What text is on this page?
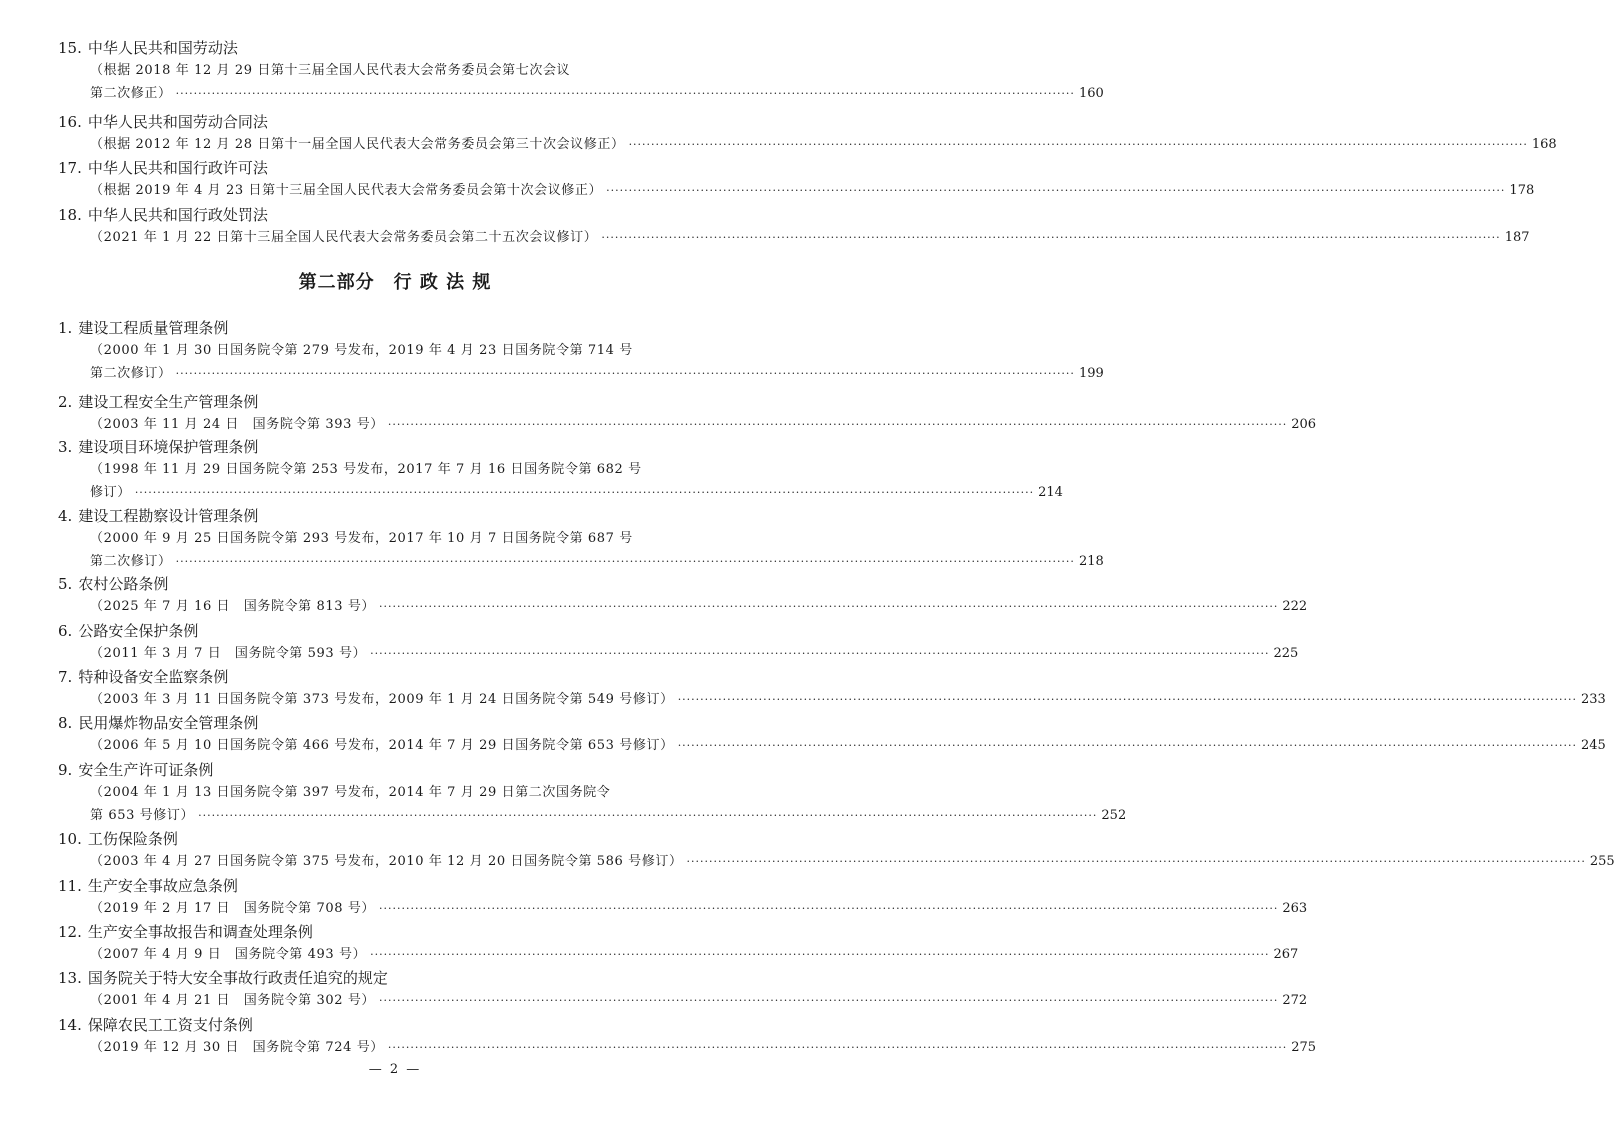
15. 中华人民共和国劳动法
（根据 2018 年 12 月 29 日第十三届全国人民代表大会常务委员会第七次会议
第二次修正） ········································································································································································································ 160
16. 中华人民共和国劳动合同法
（根据 2012 年 12 月 28 日第十一届全国人民代表大会常务委员会第三十次会议修正） ········································································································································································································ 168
17. 中华人民共和国行政许可法
（根据 2019 年 4 月 23 日第十三届全国人民代表大会常务委员会第十次会议修正） ········································································································································································································ 178
18. 中华人民共和国行政处罚法
（2021 年 1 月 22 日第十三届全国人民代表大会常务委员会第二十五次会议修订） ········································································································································································································ 187
第二部分　行 政 法 规
1. 建设工程质量管理条例
（2000 年 1 月 30 日国务院令第 279 号发布，2019 年 4 月 23 日国务院令第 714 号
第二次修订） ········································································································································································································ 199
2. 建设工程安全生产管理条例
（2003 年 11 月 24 日　国务院令第 393 号） ········································································································································································································ 206
3. 建设项目环境保护管理条例
（1998 年 11 月 29 日国务院令第 253 号发布，2017 年 7 月 16 日国务院令第 682 号
修订） ········································································································································································································ 214
4. 建设工程勘察设计管理条例
（2000 年 9 月 25 日国务院令第 293 号发布，2017 年 10 月 7 日国务院令第 687 号
第二次修订） ········································································································································································································ 218
5. 农村公路条例
（2025 年 7 月 16 日　国务院令第 813 号） ········································································································································································································ 222
6. 公路安全保护条例
（2011 年 3 月 7 日　国务院令第 593 号） ········································································································································································································ 225
7. 特种设备安全监察条例
（2003 年 3 月 11 日国务院令第 373 号发布，2009 年 1 月 24 日国务院令第 549 号修订） ········································································································································································································ 233
8. 民用爆炸物品安全管理条例
（2006 年 5 月 10 日国务院令第 466 号发布，2014 年 7 月 29 日国务院令第 653 号修订） ········································································································································································································ 245
9. 安全生产许可证条例
（2004 年 1 月 13 日国务院令第 397 号发布，2014 年 7 月 29 日第二次国务院令
第 653 号修订） ········································································································································································································ 252
10. 工伤保险条例
（2003 年 4 月 27 日国务院令第 375 号发布，2010 年 12 月 20 日国务院令第 586 号修订） ········································································································································································································ 255
11. 生产安全事故应急条例
（2019 年 2 月 17 日　国务院令第 708 号） ········································································································································································································ 263
12. 生产安全事故报告和调查处理条例
（2007 年 4 月 9 日　国务院令第 493 号） ········································································································································································································ 267
13. 国务院关于特大安全事故行政责任追究的规定
（2001 年 4 月 21 日　国务院令第 302 号） ········································································································································································································ 272
14. 保障农民工工资支付条例
（2019 年 12 月 30 日　国务院令第 724 号） ········································································································································································································ 275
— 2 —
